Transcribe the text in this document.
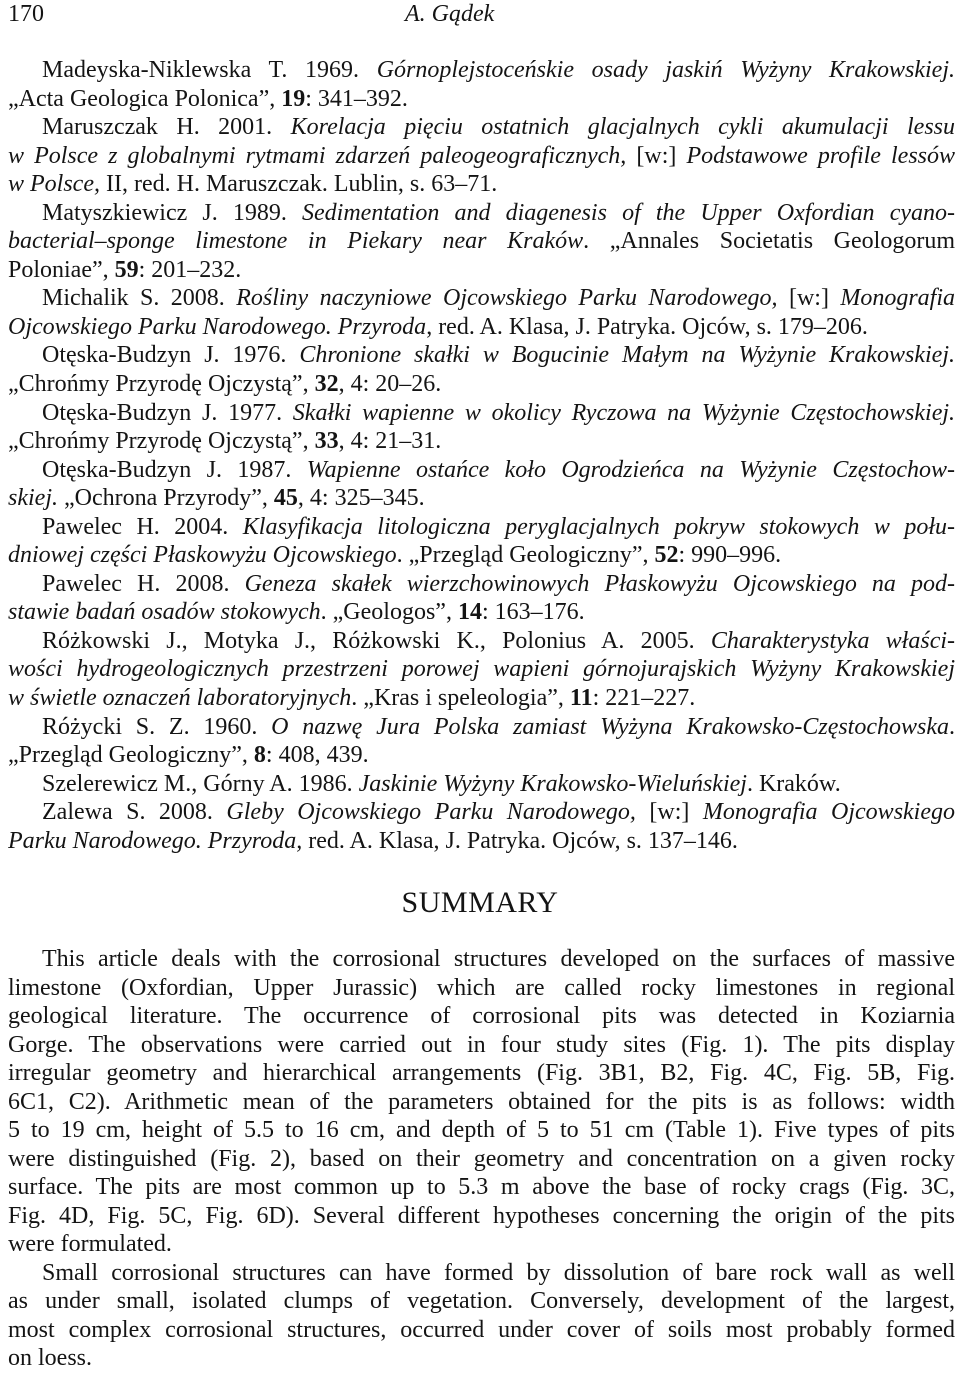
170	A. Gądek
Madeyska-Niklewska T. 1969. Górnoplejstoceńskie osady jaskiń Wyżyny Krakowskiej.
„Acta Geologica Polonica”, 19: 341–392.
Maruszczak H. 2001. Korelacja pięciu ostatnich glacjalnych cykli akumulacji lessu
w Polsce z globalnymi rytmami zdarzeń paleogeograficznych, [w:] Podstawowe profile lessów
w Polsce, II, red. H. Maruszczak. Lublin, s. 63–71.
Matyszkiewicz J. 1989. Sedimentation and diagenesis of the Upper Oxfordian cyano-
bacterial–sponge limestone in Piekary near Kraków. „Annales Societatis Geologorum
Poloniae”, 59: 201–232.
Michalik S. 2008. Rośliny naczyniowe Ojcowskiego Parku Narodowego, [w:] Monografia
Ojcowskiego Parku Narodowego. Przyroda, red. A. Klasa, J. Patryka. Ojców, s. 179–206.
Otęska-Budzyn J. 1976. Chronione skałki w Bogucinie Małym na Wyżynie Krakowskiej.
„Chrońmy Przyrodę Ojczystą”, 32, 4: 20–26.
Otęska-Budzyn J. 1977. Skałki wapienne w okolicy Ryczowa na Wyżynie Częstochowskiej.
„Chrońmy Przyrodę Ojczystą”, 33, 4: 21–31.
Otęska-Budzyn J. 1987. Wapienne ostańce koło Ogrodzieńca na Wyżynie Częstochow-
skiej. „Ochrona Przyrody”, 45, 4: 325–345.
Pawelec H. 2004. Klasyfikacja litologiczna peryglacjalnych pokryw stokowych w połu-
dniowej części Płaskowyżu Ojcowskiego. „Przegląd Geologiczny”, 52: 990–996.
Pawelec H. 2008. Geneza skałek wierzchowinowych Płaskowyżu Ojcowskiego na pod-
stawie badań osadów stokowych. „Geologos”, 14: 163–176.
Różkowski J., Motyka J., Różkowski K., Polonius A. 2005. Charakterystyka właści-
wości hydrogeologicznych przestrzeni porowej wapieni górnojurajskich Wyżyny Krakowskiej
w świetle oznaczeń laboratoryjnych. „Kras i speleologia”, 11: 221–227.
Różycki S. Z. 1960. O nazwę Jura Polska zamiast Wyżyna Krakowsko-Częstochowska.
„Przegląd Geologiczny”, 8: 408, 439.
Szelerewicz M., Górny A. 1986. Jaskinie Wyżyny Krakowsko-Wieluńskiej. Kraków.
Zalewa S. 2008. Gleby Ojcowskiego Parku Narodowego, [w:] Monografia Ojcowskiego
Parku Narodowego. Przyroda, red. A. Klasa, J. Patryka. Ojców, s. 137–146.
SUMMARY
This article deals with the corrosional structures developed on the surfaces of massive
limestone (Oxfordian, Upper Jurassic) which are called rocky limestones in regional
geological literature. The occurrence of corrosional pits was detected in Koziarnia
Gorge. The observations were carried out in four study sites (Fig. 1). The pits display
irregular geometry and hierarchical arrangements (Fig. 3B1, B2, Fig. 4C, Fig. 5B, Fig.
6C1, C2). Arithmetic mean of the parameters obtained for the pits is as follows: width
5 to 19 cm, height of 5.5 to 16 cm, and depth of 5 to 51 cm (Table 1). Five types of pits
were distinguished (Fig. 2), based on their geometry and concentration on a given rocky
surface. The pits are most common up to 5.3 m above the base of rocky crags (Fig. 3C,
Fig. 4D, Fig. 5C, Fig. 6D). Several different hypotheses concerning the origin of the pits
were formulated.
Small corrosional structures can have formed by dissolution of bare rock wall as well
as under small, isolated clumps of vegetation. Conversely, development of the largest,
most complex corrosional structures, occurred under cover of soils most probably formed
on loess.
